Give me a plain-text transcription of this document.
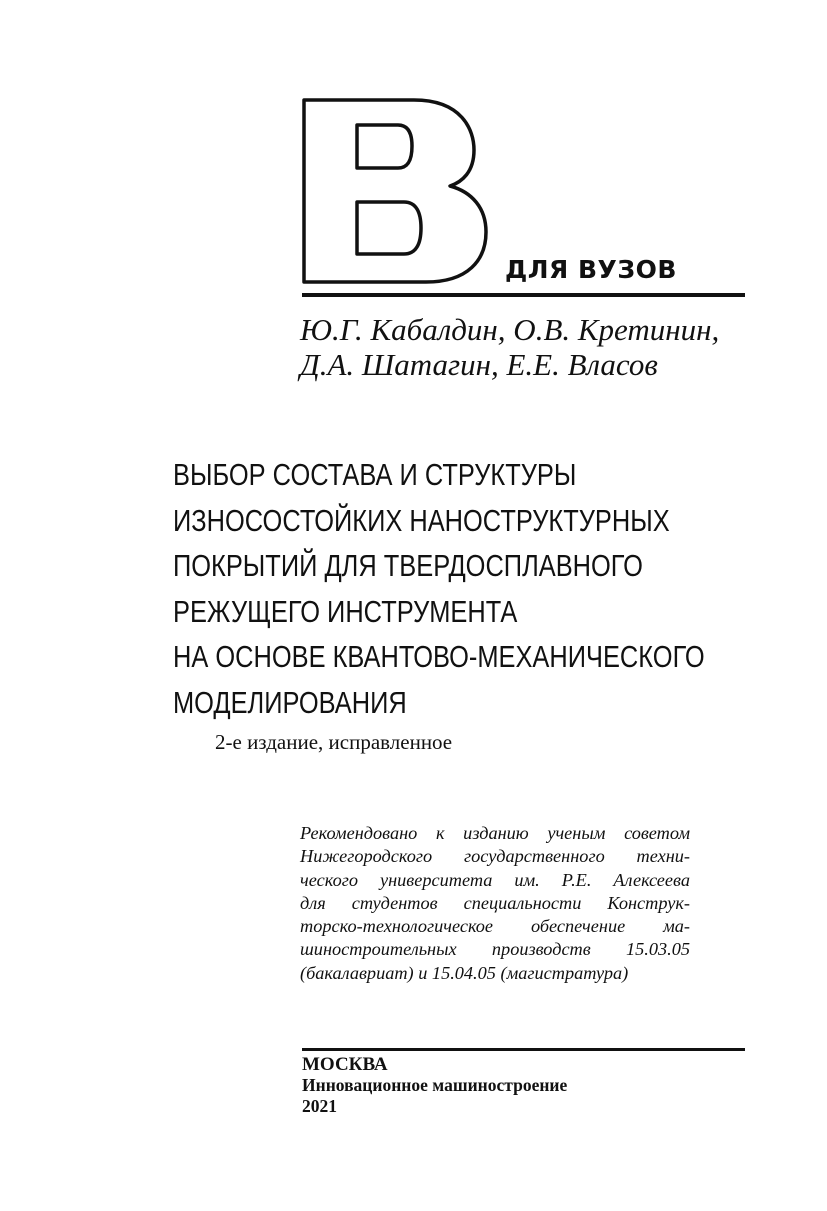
ДЛЯ ВУЗОВ
Ю.Г. Кабалдин, О.В. Кретинин,
Д.А. Шатагин, Е.Е. Власов
ВЫБОР СОСТАВА И СТРУКТУРЫ
ИЗНОСОСТОЙКИХ НАНОСТРУКТУРНЫХ
ПОКРЫТИЙ ДЛЯ ТВЕРДОСПЛАВНОГО
РЕЖУЩЕГО ИНСТРУМЕНТА
НА ОСНОВЕ КВАНТОВО-МЕХАНИЧЕСКОГО
МОДЕЛИРОВАНИЯ
2-е издание, исправленное
Рекомендовано к изданию ученым советом
Нижегородского государственного техни-
ческого университета им. Р.Е. Алексеева
для студентов специальности Конструк-
торско-технологическое обеспечение ма-
шиностроительных производств 15.03.05
(бакалавриат) и 15.04.05 (магистратура)
МОСКВА
Инновационное машиностроение
2021
